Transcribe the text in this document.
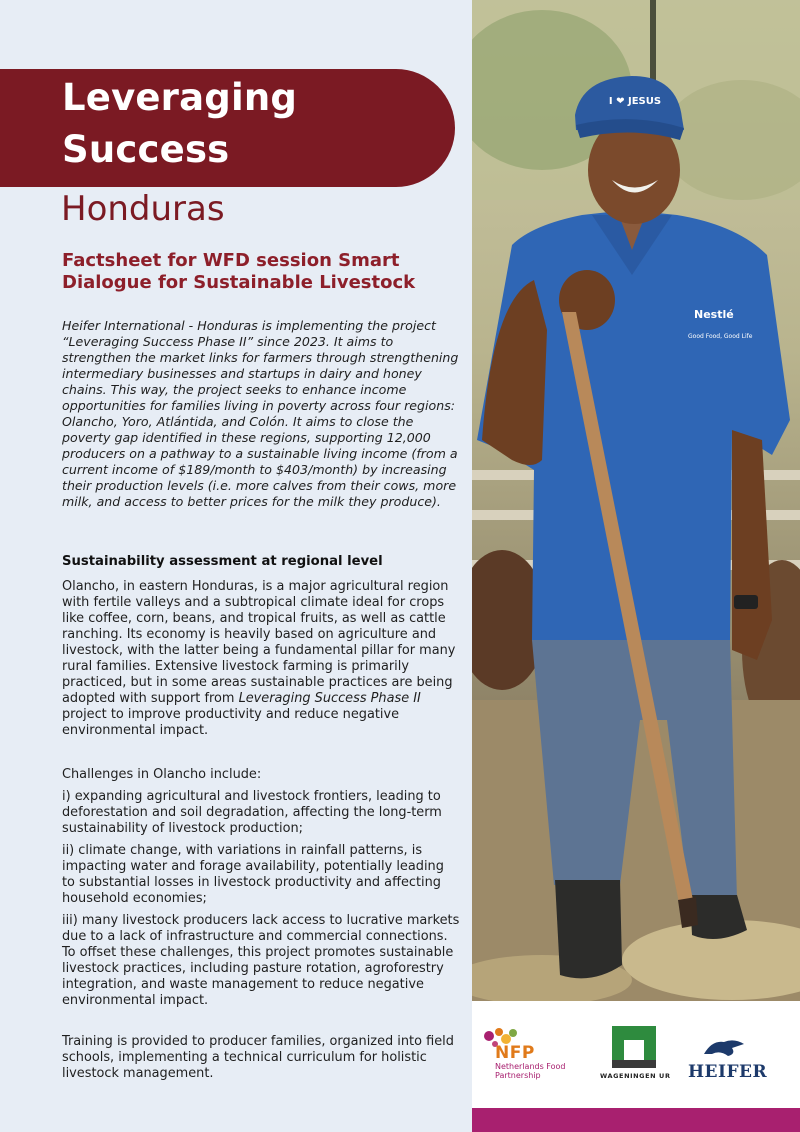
Leveraging
Success
Honduras
Factsheet for WFD session Smart Dialogue for Sustainable Livestock

Heifer International - Honduras is implementing the project “Leveraging Success Phase II” since 2023. It aims to strengthen the market links for farmers through strengthening intermediary businesses and startups in dairy and honey chains. This way, the project seeks to enhance income opportunities for families living in poverty across four regions: Olancho, Yoro, Atlántida, and Colón. It aims to close the poverty gap identified in these regions, supporting 12,000 producers on a pathway to a sustainable living income (from a current income of $189/month to $403/month) by increasing their production levels (i.e. more calves from their cows, more milk, and access to better prices for the milk they produce).

Sustainability assessment at regional level

Olancho, in eastern Honduras, is a major agricultural region with fertile valleys and a subtropical climate ideal for crops like coffee, corn, beans, and tropical fruits, as well as cattle ranching. Its economy is heavily based on agriculture and livestock, with the latter being a fundamental pillar for many rural families. Extensive livestock farming is primarily practiced, but in some areas sustainable practices are being adopted with support from Leveraging Success Phase II project to improve productivity and reduce negative environmental impact.

Challenges in Olancho include:
i) expanding agricultural and livestock frontiers, leading to deforestation and soil degradation, affecting the long-term sustainability of livestock production;
ii) climate change, with variations in rainfall patterns, is impacting water and forage availability, potentially leading to substantial losses in livestock productivity and affecting household economies;
iii) many livestock producers lack access to lucrative markets due to a lack of infrastructure and commercial connections. To offset these challenges, this project promotes sustainable livestock practices, including pasture rotation, agroforestry integration, and waste management to reduce negative environmental impact.
Training is provided to producer families, organized into field schools, implementing a technical curriculum for holistic livestock management.
I ❤ JESUS
Nestlé
Good Food, Good Life
NFP
Netherlands Food Partnership	WAGENINGEN UR HEIFER
